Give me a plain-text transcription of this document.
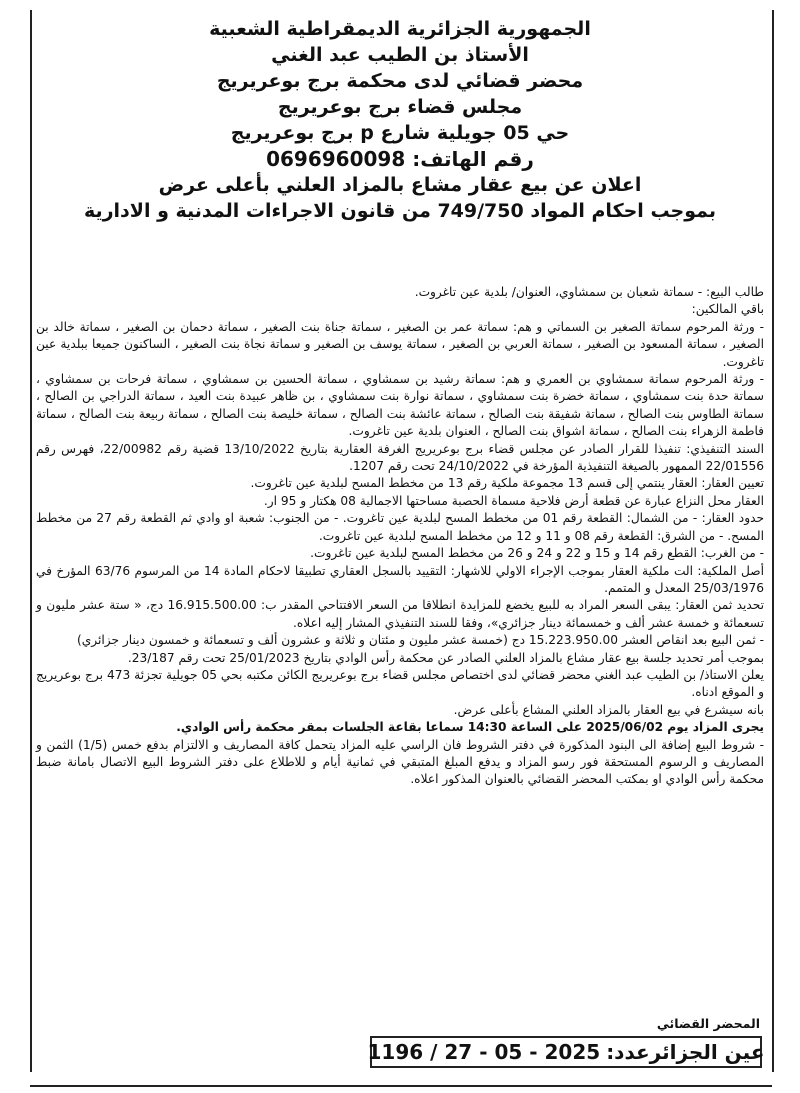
الجمهورية الجزائرية الديمقراطية الشعبية
الأستاذ بن الطيب عبد الغني
محضر قضائي لدى محكمة برج بوعريريج
مجلس قضاء برج بوعريريج
حي 05 جويلية شارع p برج بوعريريج
رقم الهاتف: 0696960098
اعلان عن بيع عقار مشاع بالمزاد العلني بأعلى عرض
بموجب احكام المواد 749/750 من قانون الاجراءات المدنية و الادارية

طالب البيع: - سماتة شعبان بن سمشاوي، العنوان/ بلدية عين تاغروت.

باقي المالكين:

- ورثة المرحوم سماتة الصغير بن السماتي و هم: سماتة عمر بن الصغير ، سماتة جناة بنت الصغير ، سماتة دحمان بن الصغير ، سماتة خالد بن الصغير ، سماتة المسعود بن الصغير ، سماتة العربي بن الصغير ، سماتة يوسف بن الصغير و سماتة نجاة بنت الصغير ، الساكنون جميعا ببلدية عين تاغروت.

- ورثة المرحوم سماتة سمشاوي بن العمري و هم: سماتة رشيد بن سمشاوي ، سماتة الحسين بن سمشاوي ، سماتة فرحات بن سمشاوي ، سماتة حدة بنت سمشاوي ، سماتة خضرة بنت سمشاوي ، سماتة نوارة بنت سمشاوي ، بن ظاهر عبيدة بنت العيد ، سماتة الدراجي بن الصالح ، سماتة الطاوس بنت الصالح ، سماتة شفيقة بنت الصالح ، سماتة عائشة بنت الصالح ، سماتة خليصة بنت الصالح ، سماتة ربيعة بنت الصالح ، سماتة فاطمة الزهراء بنت الصالح ، سماتة اشواق بنت الصالح ، العنوان بلدية عين تاغروت.

السند التنفيذي: تنفيذا للقرار الصادر عن مجلس قضاء برج بوعريريج الغرفة العقارية بتاريخ 13/10/2022 قضية رقم 22/00982، فهرس رقم 22/01556 الممهور بالصيغة التنفيذية المؤرخة في 24/10/2022 تحت رقم 1207.

تعيين العقار: العقار ينتمي إلى قسم 13 مجموعة ملكية رقم 13 من مخطط المسح لبلدية عين تاغروت.

العقار محل النزاع عبارة عن قطعة أرض فلاحية مسماة الحصبة مساحتها الاجمالية 08 هكتار و 95 ار.

حدود العقار: - من الشمال: القطعة رقم 01 من مخطط المسح لبلدية عين تاغروت. - من الجنوب: شعبة او وادي ثم القطعة رقم 27 من مخطط المسح. - من الشرق: القطعة رقم 08 و 11 و 12 من مخطط المسح لبلدية عين تاغروت.

- من الغرب: القطع رقم 14 و 15 و 22 و 24 و 26 من مخطط المسح لبلدية عين تاغروت.

أصل الملكية: الت ملكية العقار بموجب الإجراء الاولي للاشهار: التقييد بالسجل العقاري تطبيقا لاحكام المادة 14 من المرسوم 63/76 المؤرخ في 25/03/1976 المعدل و المتمم.

تحديد ثمن العقار: يبقى السعر المراد به للبيع يخضع للمزايدة انطلاقا من السعر الافتتاحي المقدر ب: 16.915.500.00 دج، « ستة عشر مليون و تسعمائة و خمسة عشر ألف و خمسمائة دينار جزائري»، وفقا للسند التنفيذي المشار إليه اعلاه.

- ثمن البيع بعد انقاص العشر 15.223.950.00 دج (خمسة عشر مليون و مئتان و ثلاثة و عشرون ألف و تسعمائة و خمسون دينار جزائري)

بموجب أمر تحديد جلسة بيع عقار مشاع بالمزاد العلني الصادر عن محكمة رأس الوادي بتاريخ 25/01/2023 تحت رقم 23/187.

يعلن الاستاذ/ بن الطيب عبد الغني محضر قضائي لدى اختصاص مجلس قضاء برج بوعريريج الكائن مكتبه بحي 05 جويلية تجزئة 473 برج بوعريريج و الموقع ادناه.

بانه سيشرع في بيع العقار بالمزاد العلني المشاع بأعلى عرض.

يجرى المزاد يوم 2025/06/02 على الساعة 14:30 سماعا بقاعة الجلسات بمقر محكمة رأس الوادي.

- شروط البيع إضافة الى البنود المذكورة في دفتر الشروط فان الراسي عليه المزاد يتحمل كافة المصاريف و الالتزام بدفع خمس (1/5) الثمن و المصاريف و الرسوم المستحقة فور رسو المزاد و يدفع المبلغ المتبقي في ثمانية أيام و للاطلاع على دفتر الشروط البيع الاتصال بامانة ضبط محكمة رأس الوادي او بمكتب المحضر القضائي بالعنوان المذكور اعلاه.

المحضر القضائي
عين الجزائرعدد:
1196 / 27 - 05 - 2025
